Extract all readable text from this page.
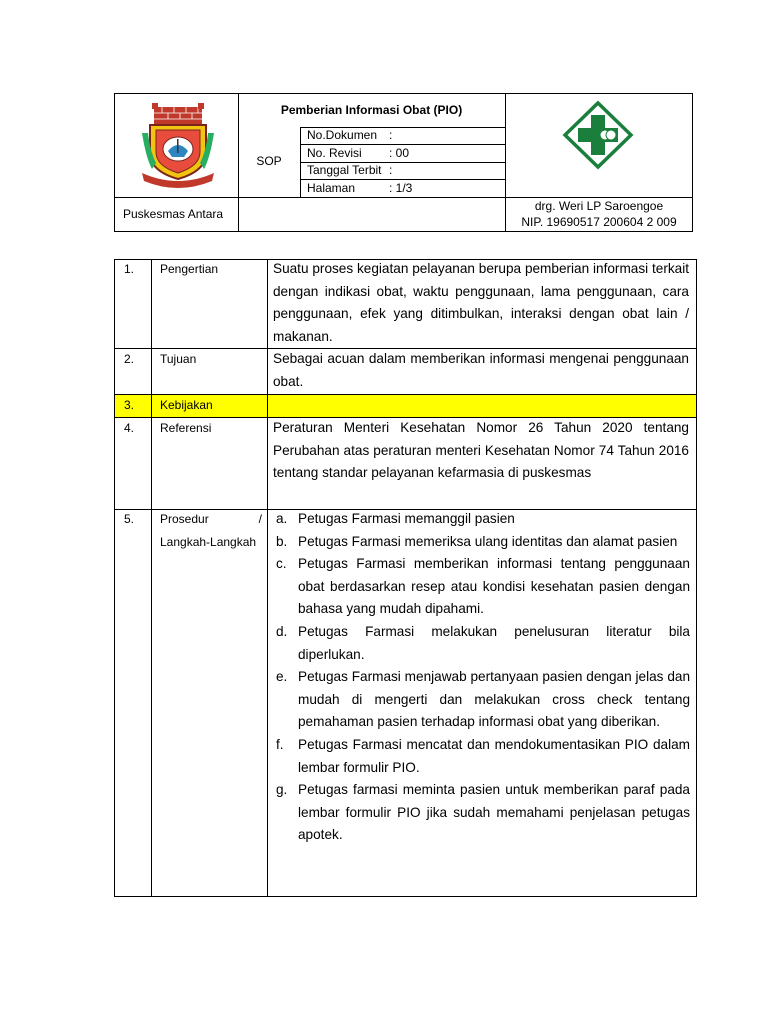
Pemberian Informasi Obat (PIO)
SOP
No.Dokumen :
No. Revisi : 00
Tanggal Terbit :
Halaman	: 1/3
Puskesmas Antara
drg. Weri LP Saroengoe
NIP. 19690517 200604 2 009
1. Pengertian	Suatu proses kegiatan pelayanan berupa pemberian informasi terkait dengan indikasi obat, waktu penggunaan, lama penggunaan, cara penggunaan, efek yang ditimbulkan, interaksi dengan obat lain / makanan.
2. Tujuan	Sebagai acuan dalam memberikan informasi mengenai penggunaan obat.
3. Kebijakan
4. Referensi	Peraturan Menteri Kesehatan Nomor 26 Tahun 2020 tentang Perubahan atas peraturan menteri Kesehatan Nomor 74 Tahun 2016 tentang standar pelayanan kefarmasia di puskesmas
5. Prosedur / Langkah-Langkah
a. Petugas Farmasi memanggil pasien
b. Petugas Farmasi memeriksa ulang identitas dan alamat pasien
c. Petugas Farmasi memberikan informasi tentang penggunaan obat berdasarkan resep atau kondisi kesehatan pasien dengan bahasa yang mudah dipahami.
d. Petugas Farmasi melakukan penelusuran literatur bila diperlukan.
e. Petugas Farmasi menjawab pertanyaan pasien dengan jelas dan mudah di mengerti dan melakukan cross check tentang pemahaman pasien terhadap informasi obat yang diberikan.
f. Petugas Farmasi mencatat dan mendokumentasikan PIO dalam lembar formulir PIO.
g. Petugas farmasi meminta pasien untuk memberikan paraf pada lembar formulir PIO jika sudah memahami penjelasan petugas apotek.
